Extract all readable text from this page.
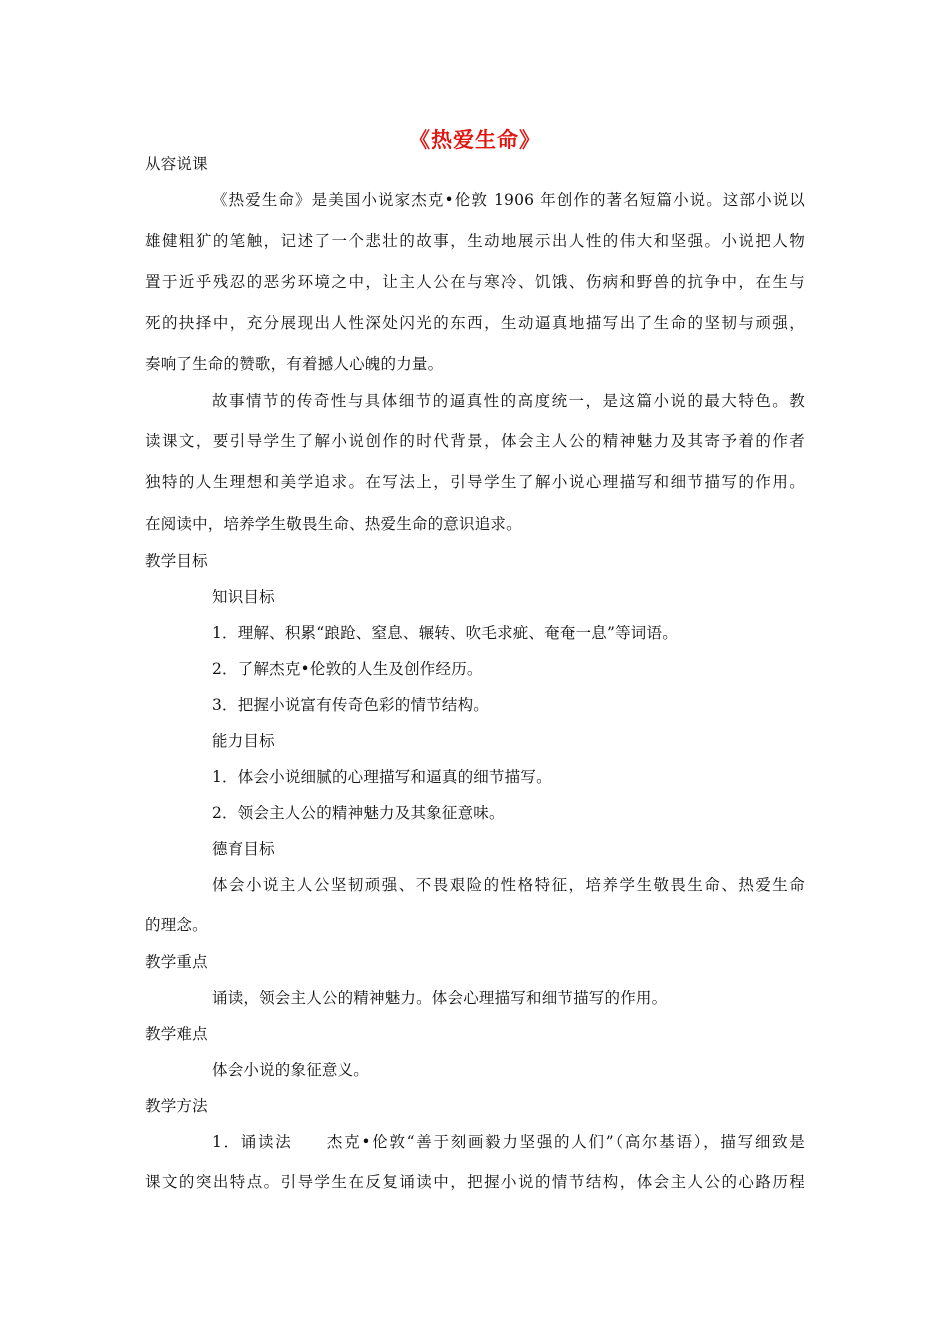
《热爱生命》
从容说课
《热爱生命》是美国小说家杰克•伦敦 1906 年创作的著名短篇小说。这部小说以
雄健粗犷的笔触，记述了一个悲壮的故事，生动地展示出人性的伟大和坚强。小说把人物
置于近乎残忍的恶劣环境之中，让主人公在与寒冷、饥饿、伤病和野兽的抗争中，在生与
死的抉择中，充分展现出人性深处闪光的东西，生动逼真地描写出了生命的坚韧与顽强，
奏响了生命的赞歌，有着撼人心魄的力量。
故事情节的传奇性与具体细节的逼真性的高度统一，是这篇小说的最大特色。教
读课文，要引导学生了解小说创作的时代背景，体会主人公的精神魅力及其寄予着的作者
独特的人生理想和美学追求。在写法上，引导学生了解小说心理描写和细节描写的作用。
在阅读中，培养学生敬畏生命、热爱生命的意识追求。
教学目标
知识目标
1．理解、积累“踉跄、窒息、辗转、吹毛求疵、奄奄一息”等词语。
2．了解杰克•伦敦的人生及创作经历。
3．把握小说富有传奇色彩的情节结构。
能力目标
1．体会小说细腻的心理描写和逼真的细节描写。
2．领会主人公的精神魅力及其象征意味。
德育目标
体会小说主人公坚韧顽强、不畏艰险的性格特征，培养学生敬畏生命、热爱生命
的理念。
教学重点
诵读，领会主人公的精神魅力。体会心理描写和细节描写的作用。
教学难点
体会小说的象征意义。
教学方法
1．诵读法　　杰克•伦敦“善于刻画毅力坚强的人们”（高尔基语），描写细致是
课文的突出特点。引导学生在反复诵读中，把握小说的情节结构，体会主人公的心路历程
